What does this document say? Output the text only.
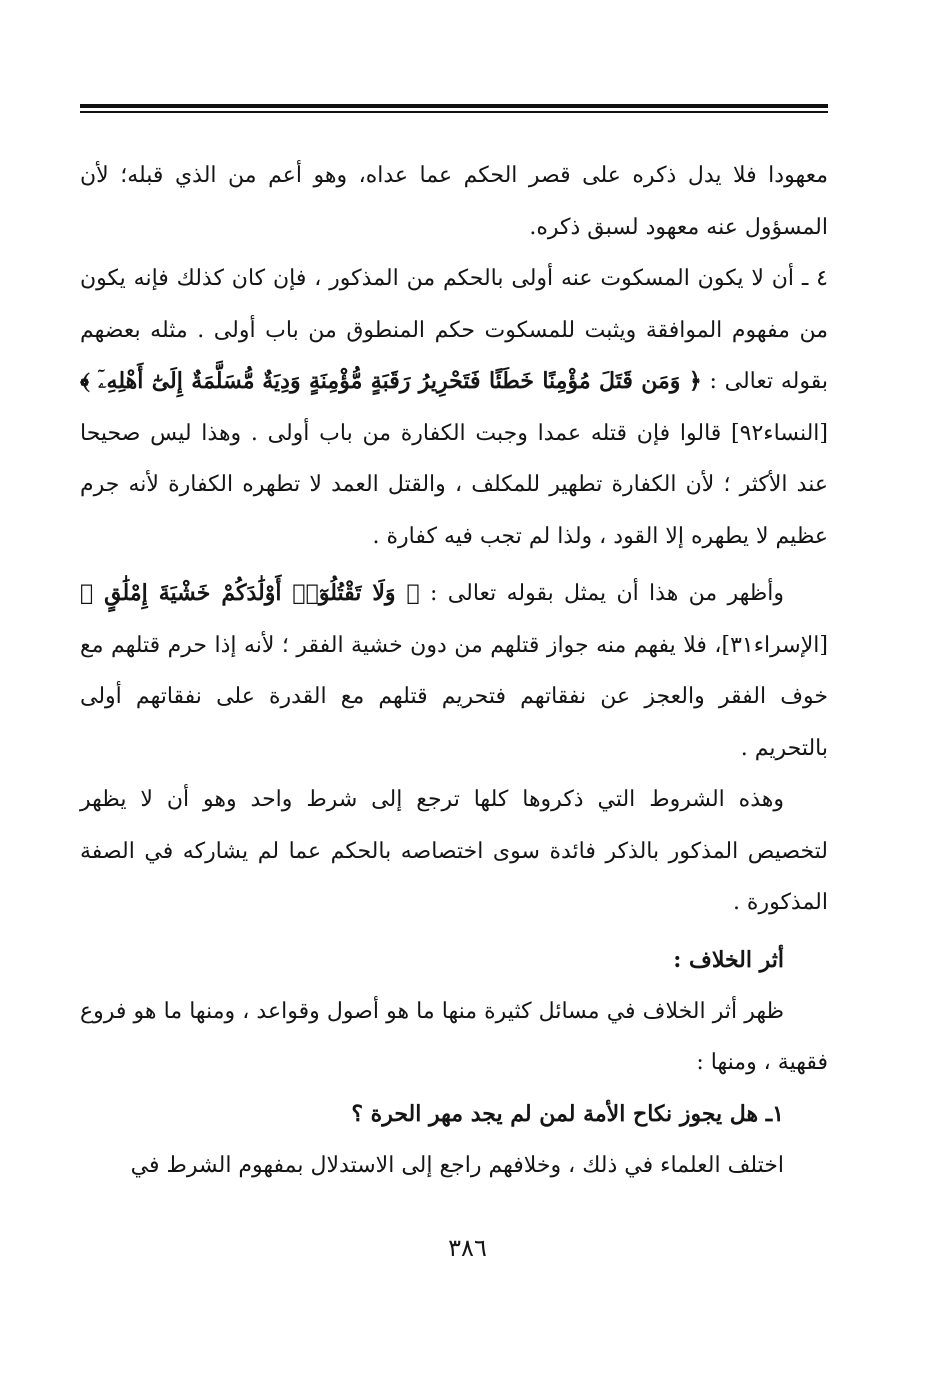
معهودا فلا يدل ذكره على قصر الحكم عما عداه، وهو أعم من الذي قبله؛ لأن المسؤول عنه معهود لسبق ذكره.

٤ ـ أن لا يكون المسكوت عنه أولى بالحكم من المذكور ، فإن كان كذلك فإنه يكون من مفهوم الموافقة ويثبت للمسكوت حكم المنطوق من باب أولى . مثله بعضهم بقوله تعالى : ﴿ وَمَن قَتَلَ مُؤْمِنًا خَطَئًا فَتَحْرِيرُ رَقَبَةٍ مُّؤْمِنَةٍ وَدِيَةٌ مُّسَلَّمَةٌ إِلَىٰٓ أَهْلِهِۦٓ ﴾ [النساء٩٢] قالوا فإن قتله عمدا وجبت الكفارة من باب أولى . وهذا ليس صحيحا عند الأكثر ؛ لأن الكفارة تطهير للمكلف ، والقتل العمد لا تطهره الكفارة لأنه جرم عظيم لا يطهره إلا القود ، ولذا لم تجب فيه كفارة .

وأظهر من هذا أن يمثل بقوله تعالى : ﴿ وَلَا تَقْتُلُوٓا۟ أَوْلَٰدَكُمْ خَشْيَةَ إِمْلَٰقٍ ﴾ [الإسراء٣١]، فلا يفهم منه جواز قتلهم من دون خشية الفقر ؛ لأنه إذا حرم قتلهم مع خوف الفقر والعجز عن نفقاتهم فتحريم قتلهم مع القدرة على نفقاتهم أولى بالتحريم .

وهذه الشروط التي ذكروها كلها ترجع إلى شرط واحد وهو أن لا يظهر لتخصيص المذكور بالذكر فائدة سوى اختصاصه بالحكم عما لم يشاركه في الصفة المذكورة .

أثر الخلاف :

ظهر أثر الخلاف في مسائل كثيرة منها ما هو أصول وقواعد ، ومنها ما هو فروع فقهية ، ومنها :

١ـ هل يجوز نكاح الأمة لمن لم يجد مهر الحرة ؟

اختلف العلماء في ذلك ، وخلافهم راجع إلى الاستدلال بمفهوم الشرط في

٣٨٦
